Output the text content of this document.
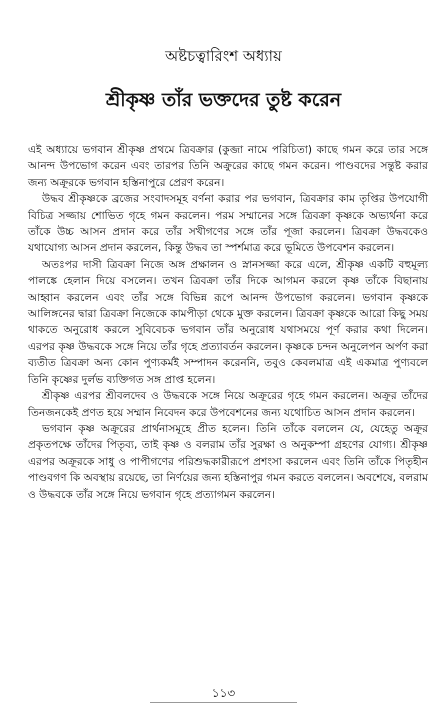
অষ্টচত্বারিংশ অধ্যায়
শ্রীকৃষ্ণ তাঁর ভক্তদের তুষ্ট করেন

এই অধ্যায়ে ভগবান শ্রীকৃষ্ণ প্রথমে ত্রিবক্রার (কুব্জা নামে পরিচিতা) কাছে গমন করে তার সঙ্গে আনন্দ উপভোগ করেন এবং তারপর তিনি অক্রুরের কাছে গমন করেন। পাণ্ডবদের সন্তুষ্ট করার জন্য অক্রূরকে ভগবান হস্তিনাপুরে প্রেরণ করেন।

উদ্ধব শ্রীকৃষ্ণকে ব্রজের সংবাদসমূহ বর্ণনা করার পর ভগবান, ত্রিবক্রার কাম তৃপ্তির উপযোগী বিচিত্র সজ্জায় শোভিত গৃহে গমন করলেন। পরম সম্মানের সঙ্গে ত্রিবক্রা কৃষ্ণকে অভ্যর্থনা করে তাঁকে উচ্চ আসন প্রদান করে তাঁর সখীগণের সঙ্গে তাঁর পূজা করলেন। ত্রিবক্রা উদ্ধবকেও যথাযোগ্য আসন প্রদান করলেন, কিন্তু উদ্ধব তা স্পর্শমাত্র করে ভূমিতে উপবেশন করলেন।

অতঃপর দাসী ত্রিবক্রা নিজে অঙ্গ প্রক্ষালন ও স্নানসজ্জা করে এলে, শ্রীকৃষ্ণ একটি বহুমূল্য পালঙ্কে হেলান দিয়ে বসলেন। তখন ত্রিবক্রা তাঁর দিকে আগমন করলে কৃষ্ণ তাঁকে বিছানায় আহ্বান করলেন এবং তাঁর সঙ্গে বিভিন্ন রূপে আনন্দ উপভোগ করলেন। ভগবান কৃষ্ণকে আলিঙ্গনের দ্বারা ত্রিবক্রা নিজেকে কামপীড়া থেকে মুক্ত করলেন। ত্রিবক্রা কৃষ্ণকে আরো কিছু সময় থাকতে অনুরোধ করলে সুবিবেচক ভগবান তাঁর অনুরোধ যথাসময়ে পূর্ণ করার কথা দিলেন। এরপর কৃষ্ণ উদ্ধবকে সঙ্গে নিয়ে তাঁর গৃহে প্রত্যাবর্তন করলেন। কৃষ্ণকে চন্দন অনুলেপন অর্পণ করা ব্যতীত ত্রিবক্রা অন্য কোন পুণ্যকর্মই সম্পাদন করেননি, তবুও কেবলমাত্র এই একমাত্র পুণ্যবলে তিনি কৃষ্ণের দুর্লভ ব্যক্তিগত সঙ্গ প্রাপ্ত হলেন।

শ্রীকৃষ্ণ এরপর শ্রীবলদেব ও উদ্ধবকে সঙ্গে নিয়ে অক্রূরের গৃহে গমন করলেন। অক্রূর তাঁদের তিনজনকেই প্রণত হয়ে সম্মান নিবেদন করে উপবেশনের জন্য যথোচিত আসন প্রদান করলেন।

ভগবান কৃষ্ণ অক্রূরের প্রার্থনাসমূহে প্রীত হলেন। তিনি তাঁকে বললেন যে, যেহেতু অক্রূর প্রকৃতপক্ষে তাঁদের পিতৃব্য, তাই কৃষ্ণ ও বলরাম তাঁর সুরক্ষা ও অনুকম্পা গ্রহণের যোগ্য। শ্রীকৃষ্ণ এরপর অক্রূরকে সাধু ও পাপীগণের পরিশুদ্ধকারীরূপে প্রশংসা করলেন এবং তিনি তাঁকে পিতৃহীন পাণ্ডবগণ কি অবস্থায় রয়েছে, তা নির্ণয়ের জন্য হস্তিনাপুর গমন করতে বললেন। অবশেষে, বলরাম ও উদ্ধবকে তাঁর সঙ্গে নিয়ে ভগবান গৃহে প্রত্যাগমন করলেন।

১১৩
